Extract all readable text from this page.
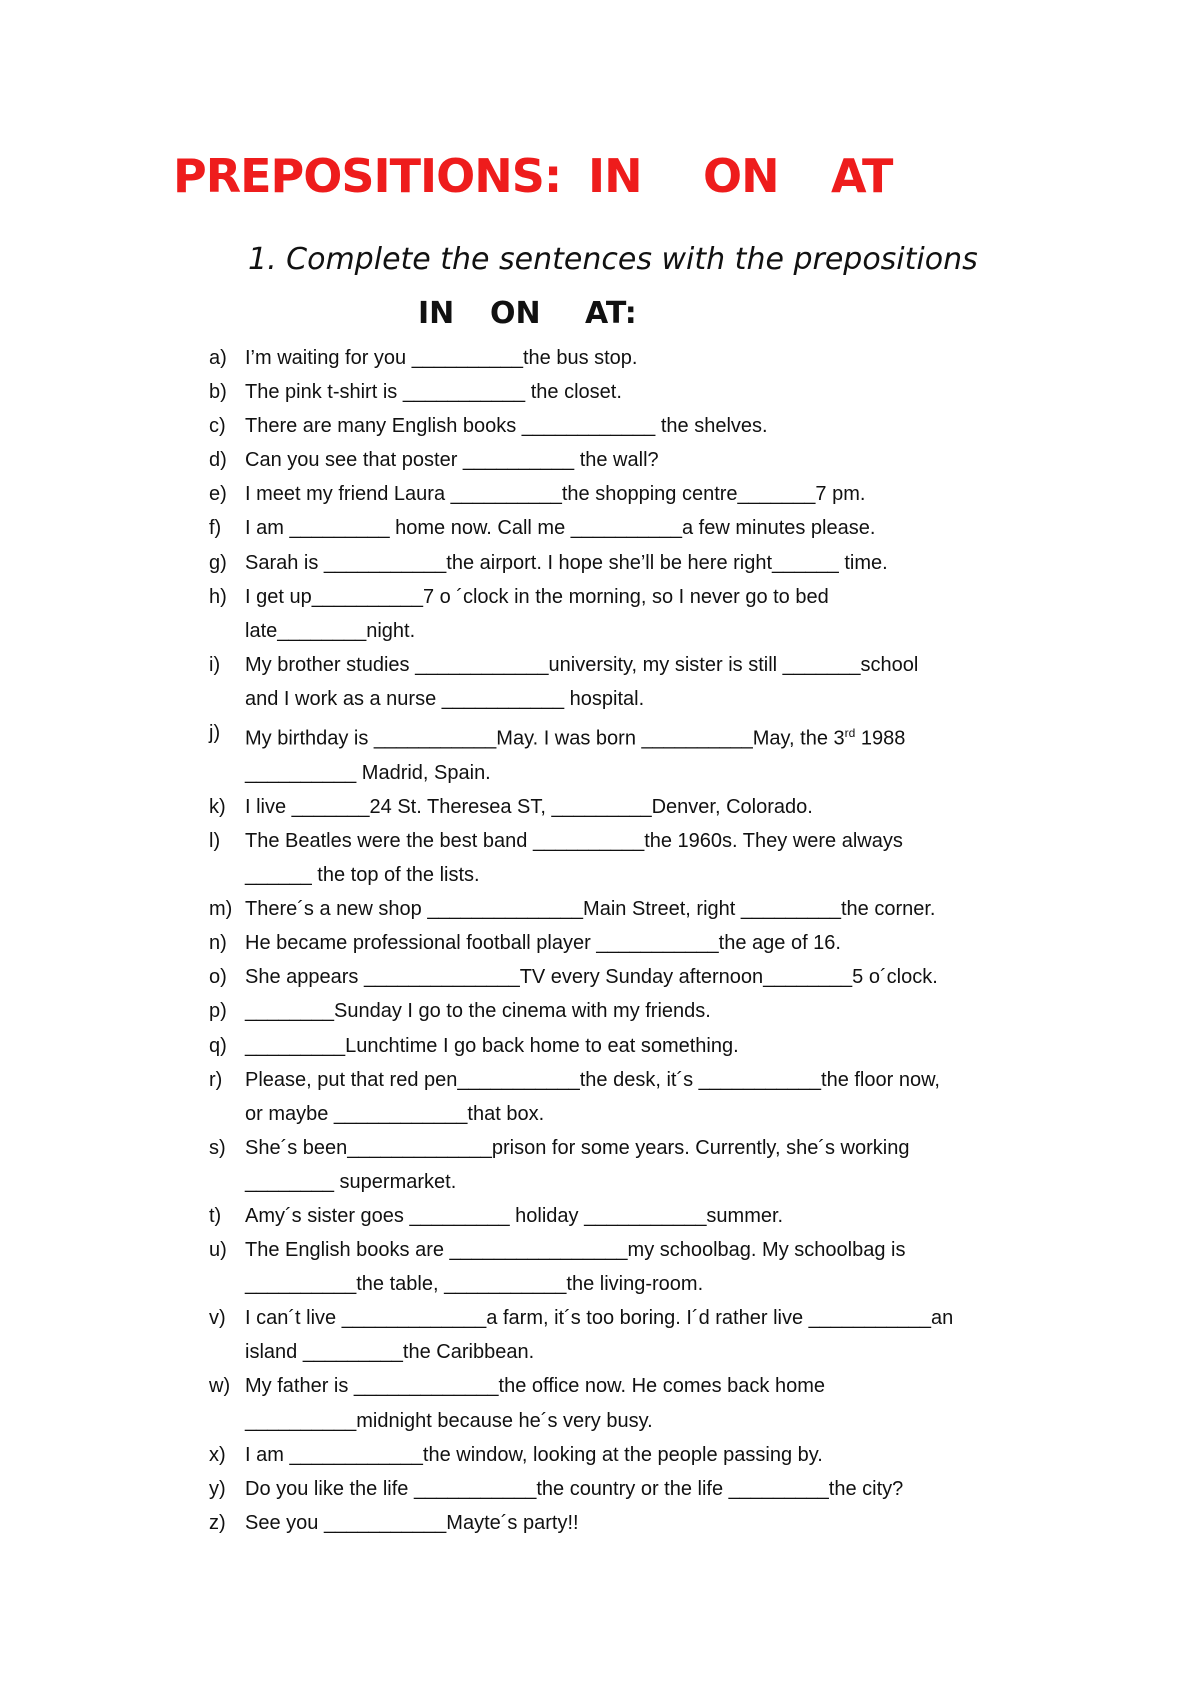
PREPOSITIONS: IN ON AT

1. Complete the sentences with the prepositions

IN ON AT:

a) I’m waiting for you __________the bus stop.
b) The pink t-shirt is ___________ the closet.
c) There are many English books ____________ the shelves.
d) Can you see that poster __________ the wall?
e) I meet my friend Laura __________the shopping centre_______7 pm.
f)	I am _________ home now. Call me __________a few minutes please.
g) Sarah is ___________the airport. I hope she’ll be here right______ time.
h) I get up__________7 o ´clock in the morning, so I never go to bed
late________night.
i)	My brother studies ____________university, my sister is still _______school
and I work as a nurse ___________ hospital.
j)	My birthday is ___________May. I was born __________May, the 3rd 1988
__________ Madrid, Spain.
k) I live _______24 St. Theresea ST, _________Denver, Colorado.
l)	The Beatles were the best band __________the 1960s. They were always
______ the top of the lists.
m) There´s a new shop ______________Main Street, right _________the corner.
n) He became professional football player ___________the age of 16.
o) She appears ______________TV every Sunday afternoon________5 o´clock.
p) ________Sunday I go to the cinema with my friends.
q) _________Lunchtime I go back home to eat something.
r)	Please, put that red pen___________the desk, it´s ___________the floor now,
or maybe ____________that box.
s) She´s been_____________prison for some years. Currently, she´s working
________ supermarket.
t)	Amy´s sister goes _________ holiday ___________summer.
u) The English books are ________________my schoolbag. My schoolbag is
__________the table, ___________the living-room.
v) I can´t live _____________a farm, it´s too boring. I´d rather live ___________an
island _________the Caribbean.
w) My father is _____________the office now. He comes back home
__________midnight because he´s very busy.
x) I am ____________the window, looking at the people passing by.
y) Do you like the life ___________the country or the life _________the city?
z) See you ___________Mayte´s party!!
